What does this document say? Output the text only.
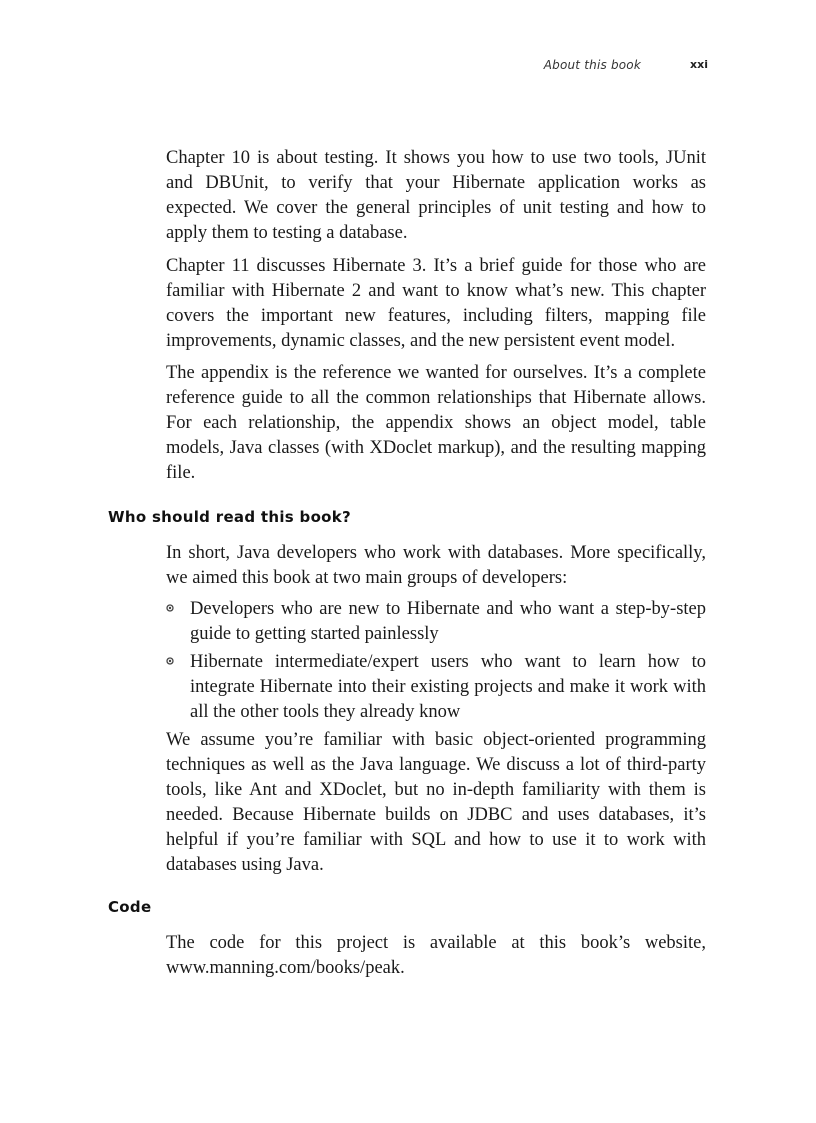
About this book	xxi

Chapter 10 is about testing. It shows you how to use two tools, JUnit and DBUnit, to verify that your Hibernate application works as expected. We cover the general principles of unit testing and how to apply them to testing a database.

Chapter 11 discusses Hibernate 3. It’s a brief guide for those who are familiar with Hibernate 2 and want to know what’s new. This chapter covers the important new features, including filters, mapping file improvements, dynamic classes, and the new persistent event model.

The appendix is the reference we wanted for ourselves. It’s a complete reference guide to all the common relationships that Hibernate allows. For each relationship, the appendix shows an object model, table models, Java classes (with XDoclet markup), and the resulting mapping file.

Who should read this book?

In short, Java developers who work with databases. More specifically, we aimed this book at two main groups of developers:

Developers who are new to Hibernate and who want a step-by-step guide to getting started painlessly

Hibernate intermediate/expert users who want to learn how to integrate Hibernate into their existing projects and make it work with all the other tools they already know

We assume you’re familiar with basic object-oriented programming techniques as well as the Java language. We discuss a lot of third-party tools, like Ant and XDoclet, but no in-depth familiarity with them is needed. Because Hibernate builds on JDBC and uses databases, it’s helpful if you’re familiar with SQL and how to use it to work with databases using Java.

Code

The code for this project is available at this book’s website, www.manning.com/books/peak.
